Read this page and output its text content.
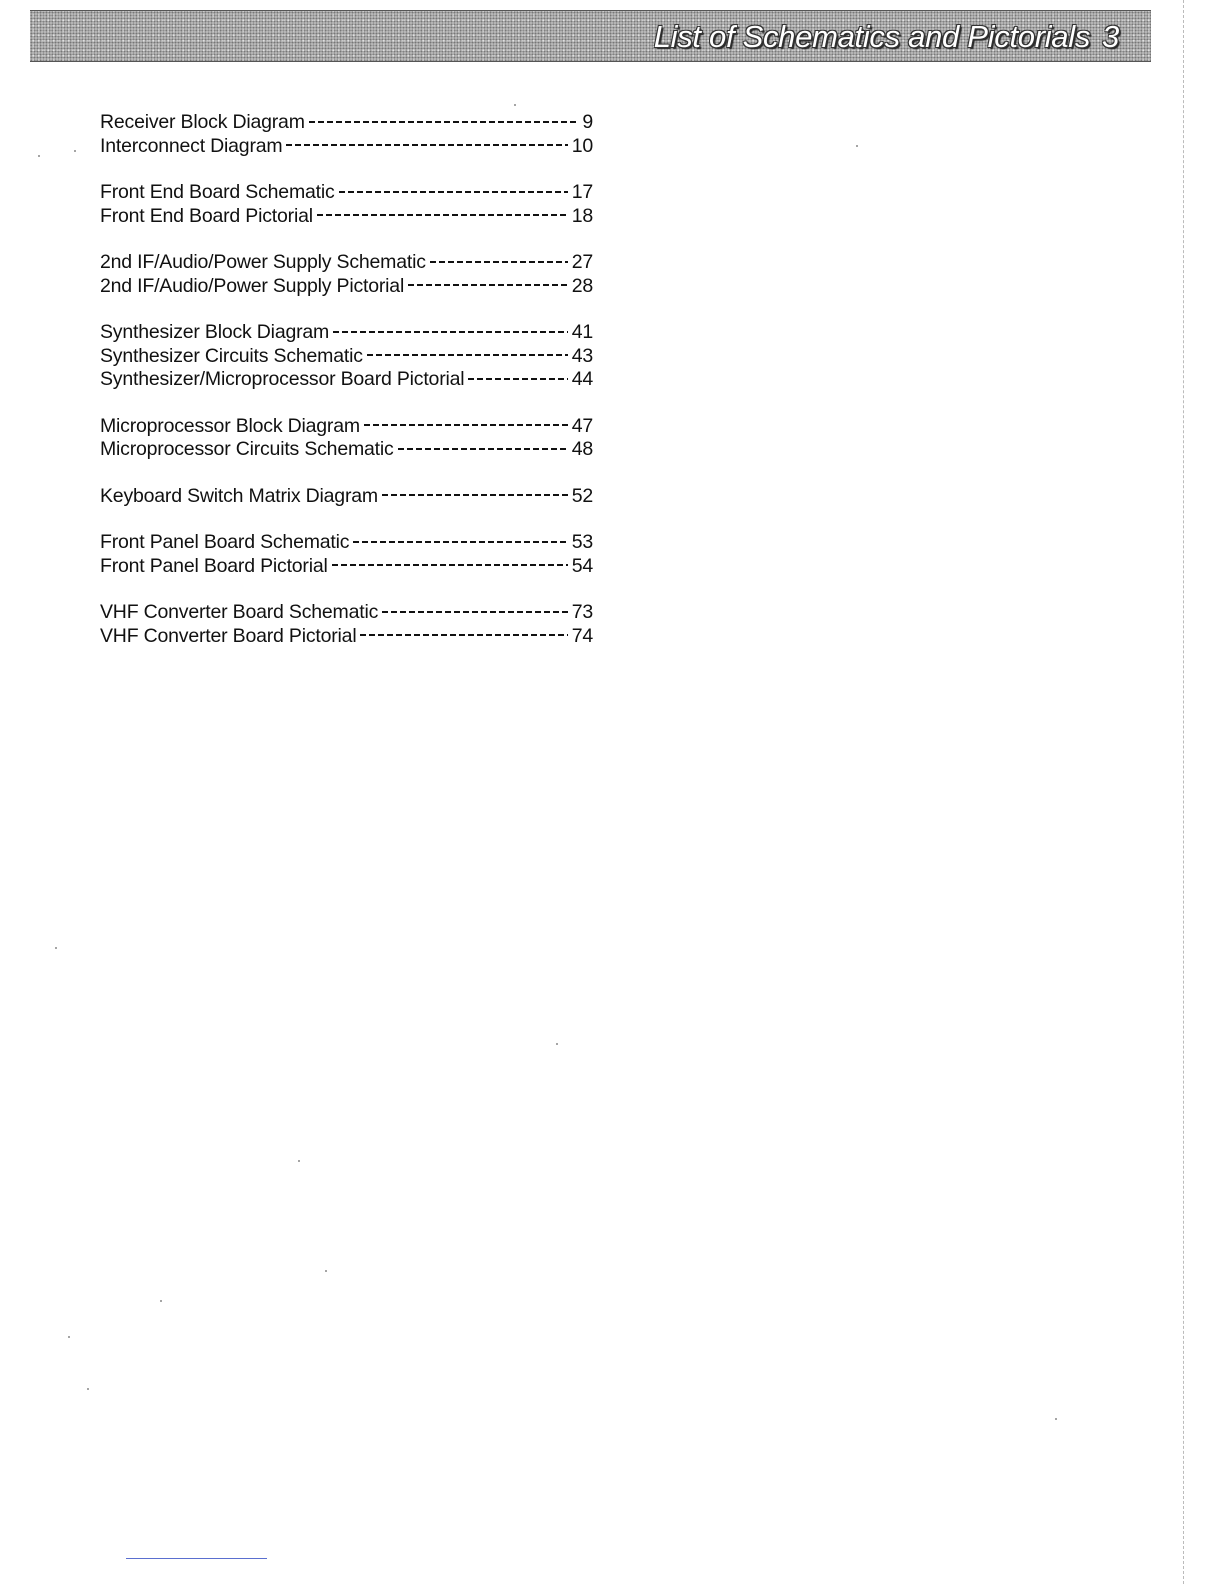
List of Schematics and Pictorials 3
Receiver Block Diagram	9
Interconnect Diagram	10
Front End Board Schematic	17
Front End Board Pictorial	18
2nd IF/Audio/Power Supply Schematic	27
2nd IF/Audio/Power Supply Pictorial	28
Synthesizer Block Diagram	41
Synthesizer Circuits Schematic	43
Synthesizer/Microprocessor Board Pictorial	44
Microprocessor Block Diagram	47
Microprocessor Circuits Schematic	48
Keyboard Switch Matrix Diagram	52
Front Panel Board Schematic	53
Front Panel Board Pictorial	54
VHF Converter Board Schematic	73
VHF Converter Board Pictorial	74
